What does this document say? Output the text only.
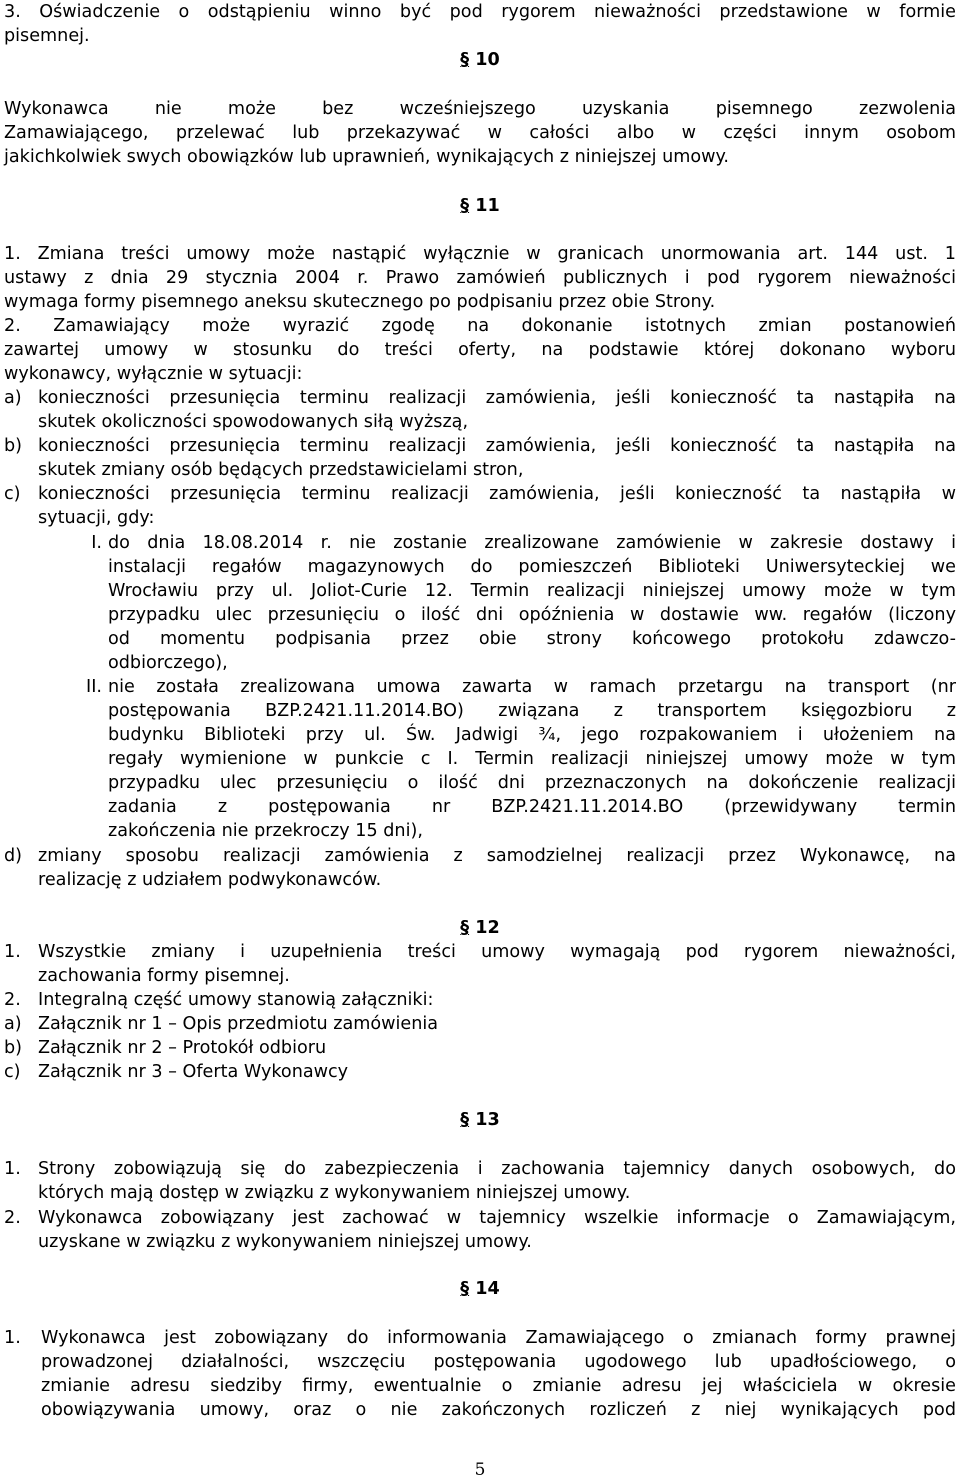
3. Oświadczenie o odstąpieniu winno być pod rygorem nieważności przedstawione w formie
pisemnej.
§ 10
Wykonawca nie może bez wcześniejszego uzyskania pisemnego zezwolenia
Zamawiającego, przelewać lub przekazywać w całości albo w części innym osobom
jakichkolwiek swych obowiązków lub uprawnień, wynikających z niniejszej umowy.
§ 11
1. Zmiana treści umowy może nastąpić wyłącznie w granicach unormowania art. 144 ust. 1
ustawy z dnia 29 stycznia 2004 r. Prawo zamówień publicznych i pod rygorem nieważności
wymaga formy pisemnego aneksu skutecznego po podpisaniu przez obie Strony.
2. Zamawiający może wyrazić zgodę na dokonanie istotnych zmian postanowień
zawartej umowy w stosunku do treści oferty, na podstawie której dokonano wyboru
wykonawcy, wyłącznie w sytuacji:
a) konieczności przesunięcia terminu realizacji zamówienia, jeśli konieczność ta nastąpiła na
skutek okoliczności spowodowanych siłą wyższą,
b) konieczności przesunięcia terminu realizacji zamówienia, jeśli konieczność ta nastąpiła na
skutek zmiany osób będących przedstawicielami stron,
c) konieczności przesunięcia terminu realizacji zamówienia, jeśli konieczność ta nastąpiła w
sytuacji, gdy:
I. do dnia 18.08.2014 r. nie zostanie zrealizowane zamówienie w zakresie dostawy i
instalacji regałów magazynowych do pomieszczeń Biblioteki Uniwersyteckiej we
Wrocławiu przy ul. Joliot-Curie 12. Termin realizacji niniejszej umowy może w tym
przypadku ulec przesunięciu o ilość dni opóźnienia w dostawie ww. regałów (liczony
od momentu podpisania przez obie strony końcowego protokołu zdawczo-
odbiorczego),
II. nie została zrealizowana umowa zawarta w ramach przetargu na transport (nr
postępowania BZP.2421.11.2014.BO) związana z transportem księgozbioru z
budynku Biblioteki przy ul. Św. Jadwigi ¾, jego rozpakowaniem i ułożeniem na
regały wymienione w punkcie c I. Termin realizacji niniejszej umowy może w tym
przypadku ulec przesunięciu o ilość dni przeznaczonych na dokończenie realizacji
zadania z postępowania nr BZP.2421.11.2014.BO (przewidywany termin
zakończenia nie przekroczy 15 dni),
d) zmiany sposobu realizacji zamówienia z samodzielnej realizacji przez Wykonawcę, na
realizację z udziałem podwykonawców.
§ 12
1. Wszystkie zmiany i uzupełnienia treści umowy wymagają pod rygorem nieważności,
zachowania formy pisemnej.
2. Integralną część umowy stanowią załączniki:
a) Załącznik nr 1 – Opis przedmiotu zamówienia
b) Załącznik nr 2 – Protokół odbioru
c) Załącznik nr 3 – Oferta Wykonawcy
§ 13
1. Strony zobowiązują się do zabezpieczenia i zachowania tajemnicy danych osobowych, do
których mają dostęp w związku z wykonywaniem niniejszej umowy.
2. Wykonawca zobowiązany jest zachować w tajemnicy wszelkie informacje o Zamawiającym,
uzyskane w związku z wykonywaniem niniejszej umowy.
§ 14
1.	Wykonawca jest zobowiązany do informowania Zamawiającego o zmianach formy prawnej
prowadzonej działalności, wszczęciu postępowania ugodowego lub upadłościowego, o
zmianie adresu siedziby firmy, ewentualnie o zmianie adresu jej właściciela w okresie
obowiązywania umowy, oraz o nie zakończonych rozliczeń z niej wynikających pod
5
